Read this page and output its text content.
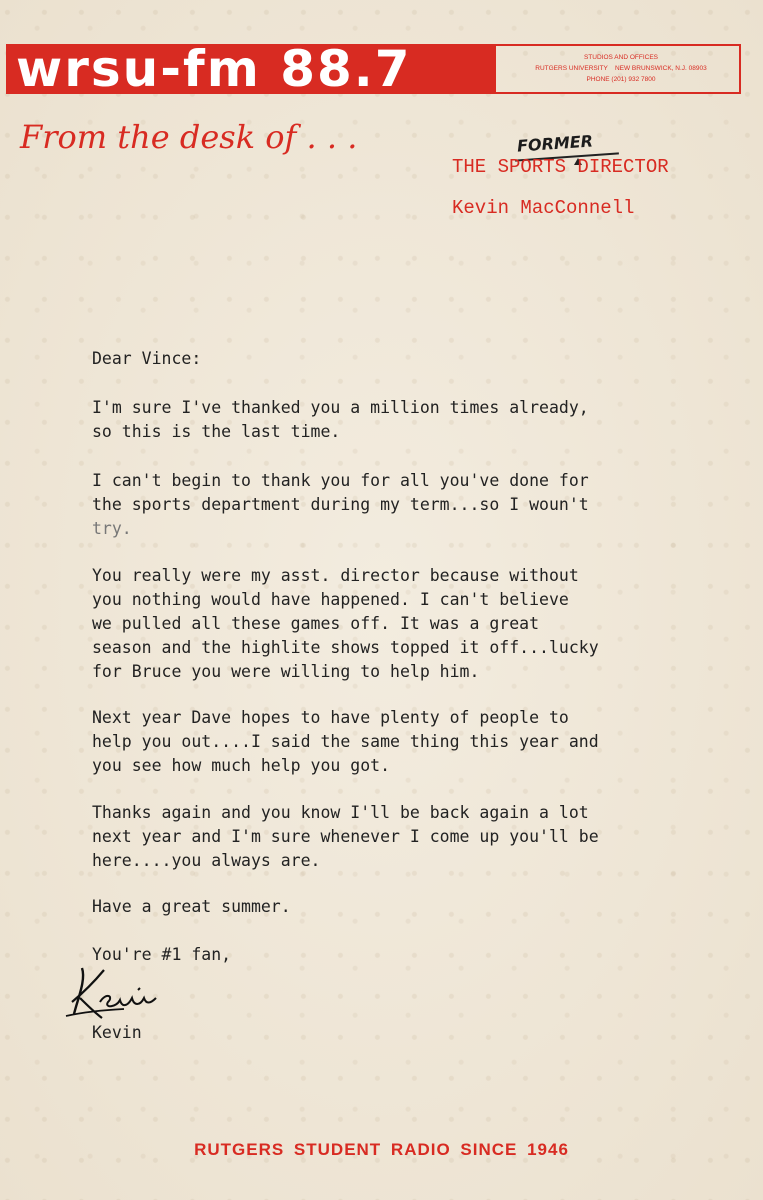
wrsu-fm 88.7	STUDIOS AND OFFICES
RUTGERS UNIVERSITY    NEW BRUNSWICK, N.J. 08903
PHONE (201) 932 7800
From the desk of . . .	FORMER
THE SPORTS DIRECTOR
Kevin MacConnell
Dear Vince:
I'm sure I've thanked you a million times already,
so this is the last time.
I can't begin to thank you for all you've done for
the sports department during my term...so I woun't
try.
You really were my asst. director because without
you nothing would have happened. I can't believe
we pulled all these games off. It was a great
season and the highlite shows topped it off...lucky
for Bruce you were willing to help him.
Next year Dave hopes to have plenty of people to
help you out....I said the same thing this year and
you see how much help you got.
Thanks again and you know I'll be back again a lot
next year and I'm sure whenever I come up you'll be
here....you always are.
Have a great summer.
You're #1 fan,
Kevin
RUTGERS STUDENT RADIO SINCE 1946
